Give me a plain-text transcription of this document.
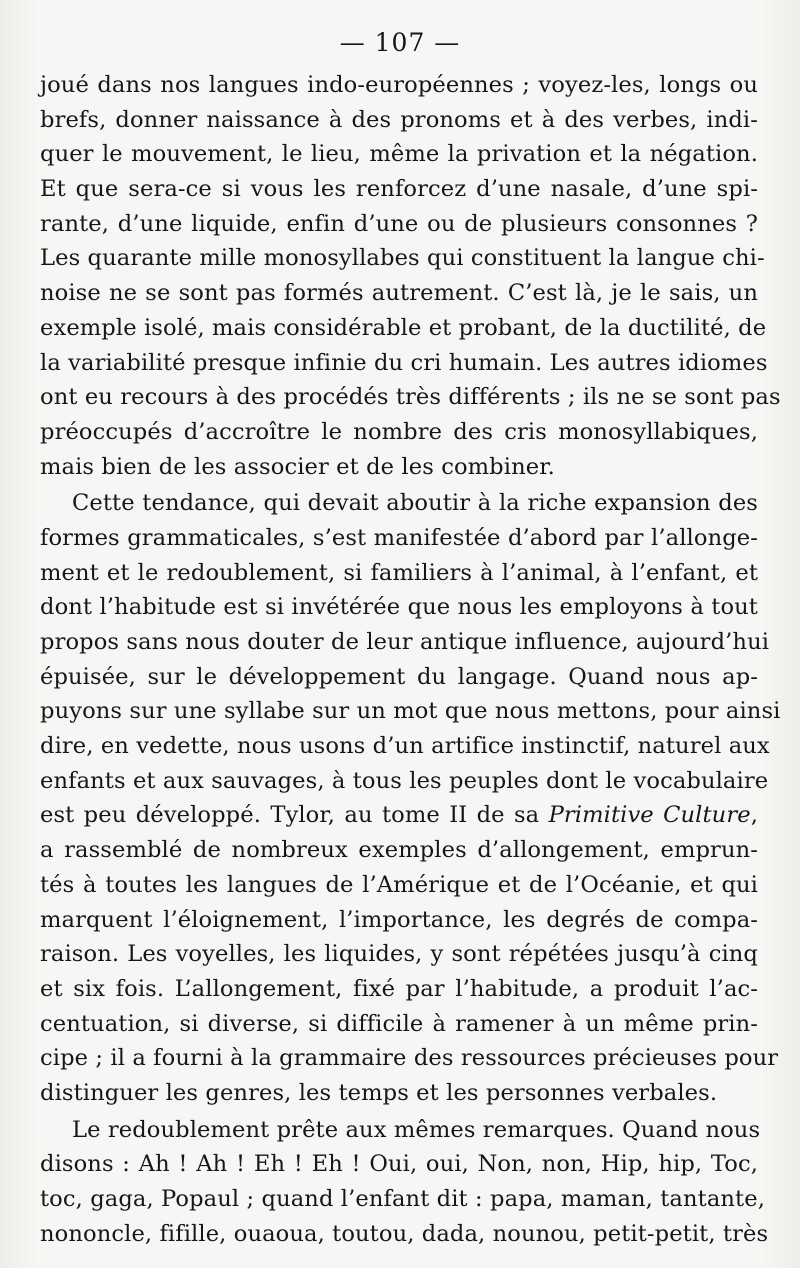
— 107 —
joué dans nos langues indo-européennes ; voyez-les, longs ou
brefs, donner naissance à des pronoms et à des verbes, indi-
quer le mouvement, le lieu, même la privation et la négation.
Et que sera-ce si vous les renforcez d’une nasale, d’une spi-
rante, d’une liquide, enfin d’une ou de plusieurs consonnes ?
Les quarante mille monosyllabes qui constituent la langue chi-
noise ne se sont pas formés autrement. C’est là, je le sais, un
exemple isolé, mais considérable et probant, de la ductilité, de
la variabilité presque infinie du cri humain. Les autres idiomes
ont eu recours à des procédés très différents ; ils ne se sont pas
préoccupés d’accroître le nombre des cris monosyllabiques,
mais bien de les associer et de les combiner.
Cette tendance, qui devait aboutir à la riche expansion des
formes grammaticales, s’est manifestée d’abord par l’allonge-
ment et le redoublement, si familiers à l’animal, à l’enfant, et
dont l’habitude est si invétérée que nous les employons à tout
propos sans nous douter de leur antique influence, aujourd’hui
épuisée, sur le développement du langage. Quand nous ap-
puyons sur une syllabe sur un mot que nous mettons, pour ainsi
dire, en vedette, nous usons d’un artifice instinctif, naturel aux
enfants et aux sauvages, à tous les peuples dont le vocabulaire
est peu développé. Tylor, au tome II de sa Primitive Culture,
a rassemblé de nombreux exemples d’allongement, emprun-
tés à toutes les langues de l’Amérique et de l’Océanie, et qui
marquent l’éloignement, l’importance, les degrés de compa-
raison. Les voyelles, les liquides, y sont répétées jusqu’à cinq
et six fois. L’allongement, fixé par l’habitude, a produit l’ac-
centuation, si diverse, si difficile à ramener à un même prin-
cipe ; il a fourni à la grammaire des ressources précieuses pour
distinguer les genres, les temps et les personnes verbales.
Le redoublement prête aux mêmes remarques. Quand nous
disons : Ah ! Ah ! Eh ! Eh ! Oui, oui, Non, non, Hip, hip, Toc,
toc, gaga, Popaul ; quand l’enfant dit : papa, maman, tantante,
nononcle, fifille, ouaoua, toutou, dada, nounou, petit-petit, très
